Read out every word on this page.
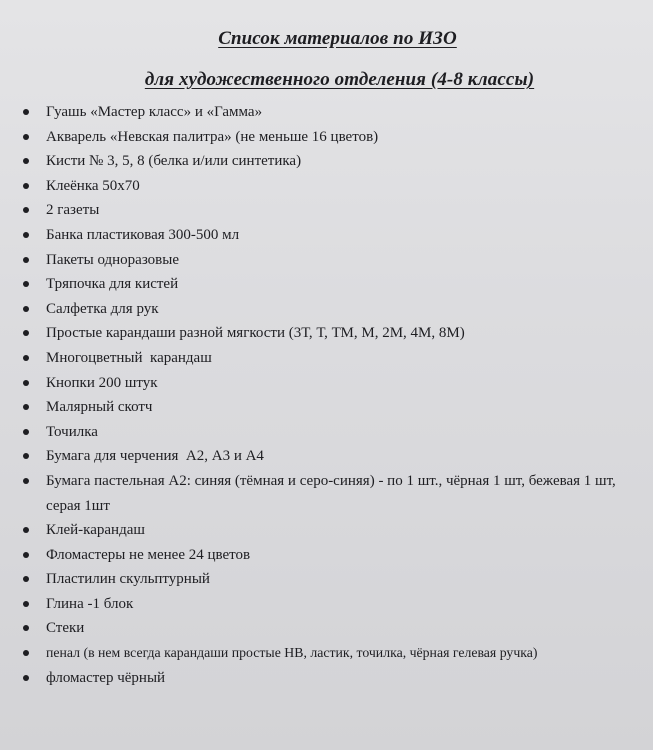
Список материалов по ИЗО
для художественного отделения (4-8 классы)
Гуашь «Мастер класс» и «Гамма»
Акварель «Невская палитра» (не меньше 16 цветов)
Кисти № 3, 5, 8 (белка и/или синтетика)
Клеёнка 50х70
2 газеты
Банка пластиковая 300-500 мл
Пакеты одноразовые
Тряпочка для кистей
Салфетка для рук
Простые карандаши разной мягкости (3Т, Т, ТМ, М, 2М, 4М, 8М)
Многоцветный  карандаш
Кнопки 200 штук
Малярный скотч
Точилка
Бумага для черчения  А2, А3 и А4
Бумага пастельная А2: синяя (тёмная и серо-синяя) - по 1 шт., чёрная 1 шт, бежевая 1 шт, серая 1шт
Клей-карандаш
Фломастеры не менее 24 цветов
Пластилин скульптурный
Глина -1 блок
Стеки
пенал (в нем всегда карандаши простые НВ, ластик, точилка, чёрная гелевая ручка)
фломастер чёрный
